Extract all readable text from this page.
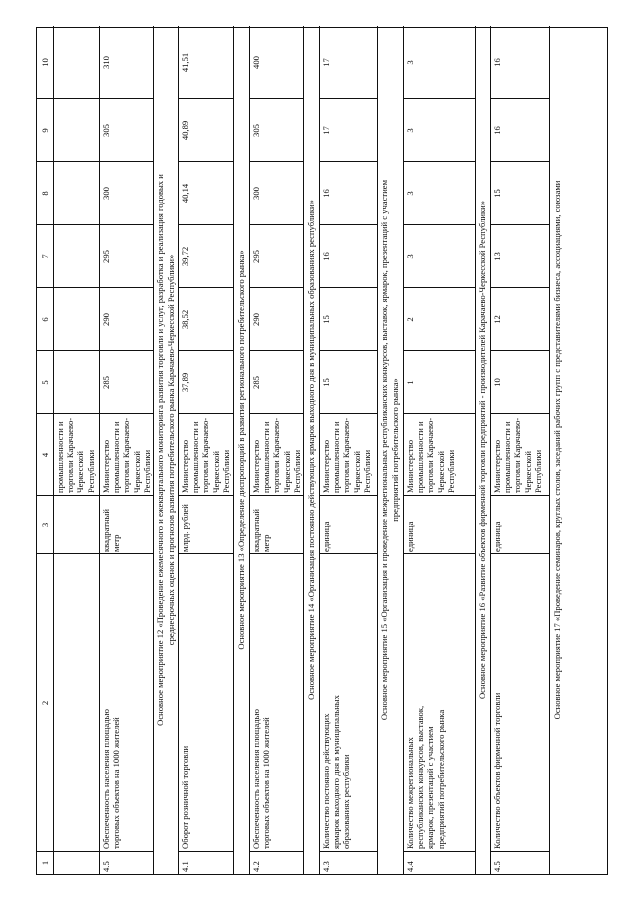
1
2
3
4
5
6
7
8
9
10
промышленности и
торговли Карачаево-
Черкесской
Республики
4.5
Обеспеченность населения площадью
торговых объектов на 1000 жителей
квадратный
метр
Министерство
промышленности и
торговли Карачаево-
Черкесской
Республики
285
290
295
300
305
310
Основное мероприятие 12 «Проведение ежемесячного и ежеквартального мониторинга развития торговли и услуг, разработка и реализация годовых и
среднесрочных оценок и прогнозов развития потребительского рынка Карачаево-Черкесской Республики»
4.1
Оборот розничной торговли
млрд. рублей
Министерство
промышленности и
торговли Карачаево-
Черкесской
Республики
37,89
38,52
39,72
40,14
40,89
41,51
Основное мероприятие 13 «Определение диспропорций в развитии регионального потребительского рынка»
4.2
Обеспеченность населения площадью
торговых объектов на 1000 жителей
квадратный
метр
Министерство
промышленности и
торговли Карачаево-
Черкесской
Республики
285
290
295
300
305
400
Основное мероприятие 14 «Организация постоянно действующих ярмарок выходного дня в муниципальных образованиях республики»
4.3
Количество постоянно действующих
ярмарок выходного дня в муниципальных
образованиях республики
единица
Министерство
промышленности и
торговли Карачаево-
Черкесской
Республики
15
15
16
16
17
17
Основное мероприятие 15 «Организация и проведение межрегиональных республиканских конкурсов, выставок, ярмарок, презентаций с участием
предприятий потребительского рынка»
4.4
Количество межрегиональных
республиканских конкурсов, выставок,
ярмарок, презентаций с участием
предприятий потребительского рынка
единица
Министерство
промышленности и
торговли Карачаево-
Черкесской
Республики
1
2
3
3
3
3
Основное мероприятие 16 «Развитие объектов фирменной торговли предприятий - производителей Карачаево-Черкесской Республики»
4.5
Количество объектов фирменной торговли
единица
Министерство
промышленности и
торговли Карачаево-
Черкесской
Республики
10
12
13
15
16
16
Основное мероприятие 17 «Проведение семинаров, круглых столов, заседаний рабочих групп с представителями бизнеса, ассоциациями, союзами
